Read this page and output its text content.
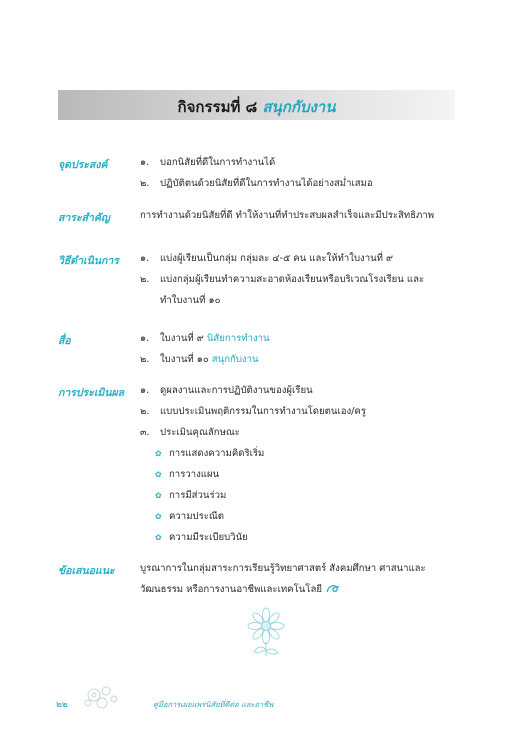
กิจกรรมที่ ๘ สนุกกับงาน
จุดประสงค์	๑. บอกนิสัยที่ดีในการทำงานได้
๒. ปฏิบัติตนด้วยนิสัยที่ดีในการทำงานได้อย่างสม่ำเสมอ
สาระสำคัญ	การทำงานด้วยนิสัยที่ดี ทำให้งานที่ทำประสบผลสำเร็จและมีประสิทธิภาพ
วิธีดำเนินการ ๑. แบ่งผู้เรียนเป็นกลุ่ม กลุ่มละ ๔-๕ คน และให้ทำใบงานที่ ๙
๒. แบ่งกลุ่มผู้เรียนทำความสะอาดห้องเรียนหรือบริเวณโรงเรียน และ
ทำใบงานที่ ๑๐
สื่อ	๑. ใบงานที่ ๙ นิสัยการทำงาน
๒. ใบงานที่ ๑๐ สนุกกับงาน
การประเมินผล ๑. ดูผลงานและการปฏิบัติงานของผู้เรียน
๒. แบบประเมินพฤติกรรมในการทำงานโดยตนเอง/ครู
๓. ประเมินคุณลักษณะ
✿ การแสดงความคิดริเริ่ม
✿ การวางแผน
✿ การมีส่วนร่วม
✿ ความประณีต
✿ ความมีระเบียบวินัย
ข้อเสนอแนะ	บูรณาการในกลุ่มสาระการเรียนรู้วิทยาศาสตร์ สังคมศึกษา ศาสนาและ
วัฒนธรรม หรือการงานอาชีพและเทคโนโลยี
๒๒	คู่มือการเผยแพร่นิสัยที่ดีต่อ และอาชีพ
